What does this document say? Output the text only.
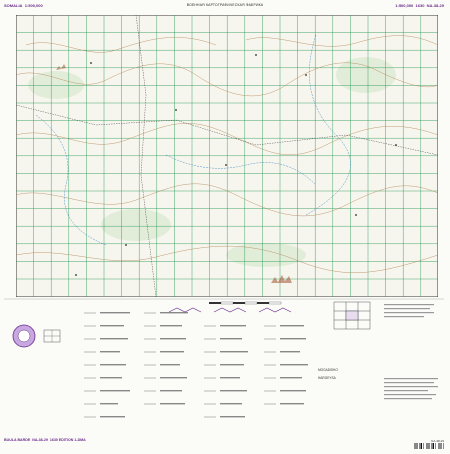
SOMALIA 1:500,000	ВОЕННАЯ КАРТОГРАФИЧЕСКАЯ ФАБРИКА	1:500,000 1630 NA-38-29
MOGADISHO
HARGEYSA
BUULA BARDE NA-38-29 1630 EDITION 1-DMA	NA-38-29
